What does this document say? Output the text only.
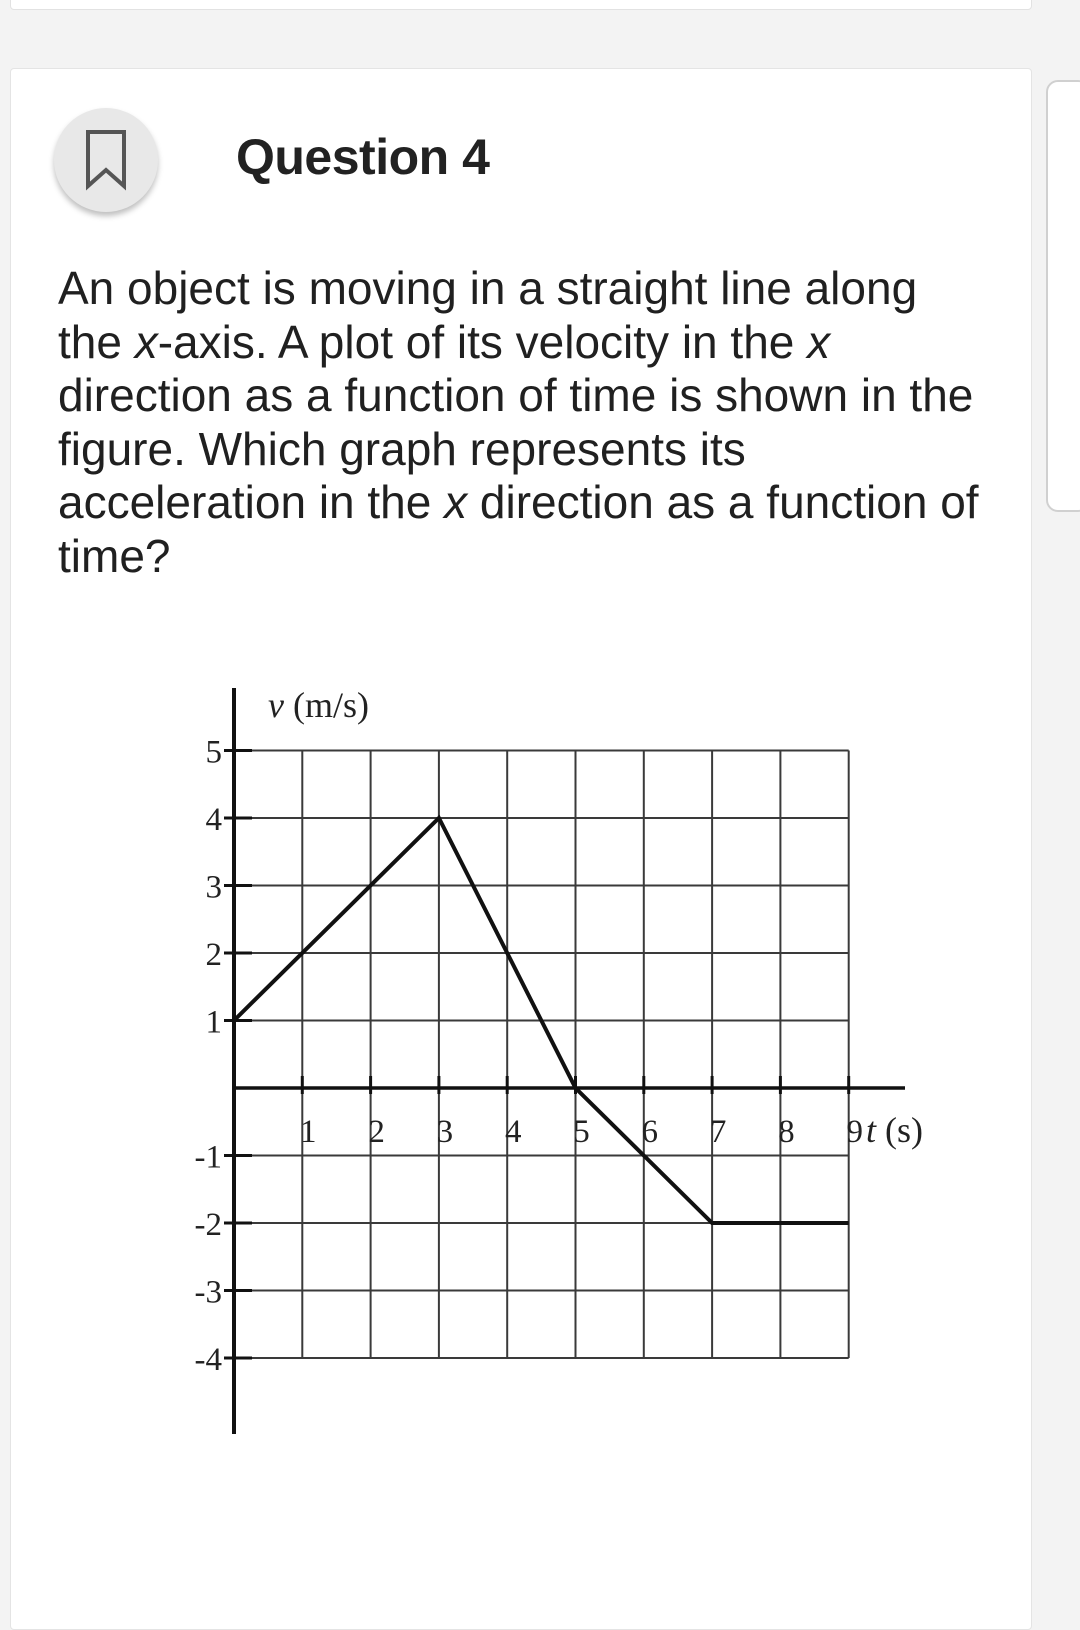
Question 4
An object is moving in a straight line along the x-axis. A plot of its velocity in the x direction as a function of time is shown in the figure. Which graph represents its acceleration in the x direction as a function of time?
5
4
3
2
1
-1
-2
-3
-4
1 2 3 4 5 6 7 8 9
v (m/s)
t (s)
